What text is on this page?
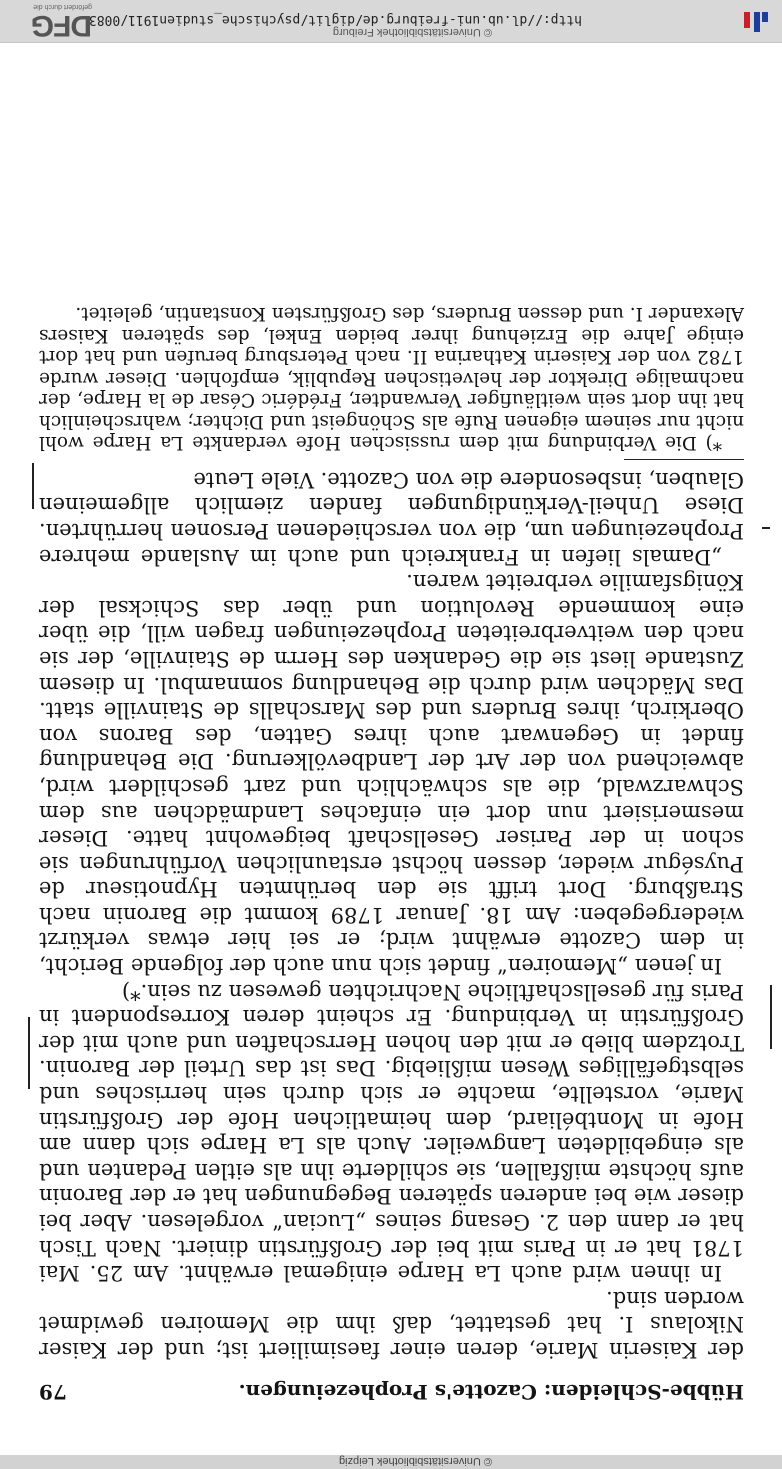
http://dl.ub.uni-freiburg.de/diglit/psychische_studien1911/0083
© Universitätsbibliothek Freiburg
DFG
gefördert durch die
© Universitätsbibliothek Leipzig
Hübbe-Schleiden: Cazotte's Prophezeiungen.
79

der Kaiserin Marie, deren einer faesimiliert ist; und der Kaiser Nikolaus I. hat gestattet, daß ihm die Memoiren gewidmet worden sind.

In ihnen wird auch La Harpe einigemal erwähnt. Am 25. Mai 1781 hat er in Paris mit bei der Großfürstin diniert. Nach Tisch hat er dann den 2. Gesang seines „Lucian“ vorgelesen. Aber bei dieser wie bei anderen späteren Begegnungen hat er der Baronin aufs höchste mißfallen, sie schilderte ihn als eitlen Pedanten und als eingebildeten Langweiler. Auch als La Harpe sich dann am Hofe in Montbéliard, dem heimatlichen Hofe der Großfürstin Marie, vorstellte, machte er sich durch sein herrisches und selbstgefälliges Wesen mißliebig. Das ist das Urteil der Baronin. Trotzdem blieb er mit den hohen Herrschaften und auch mit der Großfürstin in Verbindung. Er scheint deren Korrespondent in Paris für gesellschaftliche Nachrichten gewesen zu sein.*)

In jenen „Memoiren“ findet sich nun auch der folgende Bericht, in dem Cazotte erwähnt wird; er sei hier etwas verkürzt wiedergegeben: Am 18. Januar 1789 kommt die Baronin nach Straßburg. Dort trifft sie den berühmten Hypnotiseur de Puységur wieder, dessen höchst erstaunlichen Vorführungen sie schon in der Pariser Gesellschaft beigewohnt hatte. Dieser mesmerisiert nun dort ein einfaches Landmädchen aus dem Schwarzwald, die als schwächlich und zart geschildert wird, abweichend von der Art der Landbevölkerung. Die Behandlung findet in Gegenwart auch ihres Gatten, des Barons von Oberkirch, ihres Bruders und des Marschalls de Stainville statt. Das Mädchen wird durch die Behandlung somnambul. In diesem Zustande liest sie die Gedanken des Herrn de Stainville, der sie nach den weitverbreiteten Prophezeiungen fragen will, die über eine kommende Revolution und über das Schicksal der Königsfamilie verbreitet waren.

„Damals liefen in Frankreich und auch im Auslande mehrere Prophezeiungen um, die von verschiedenen Personen herrührten. Diese Unheil-Verkündigungen fanden ziemlich allgemeinen Glauben, insbesondere die von Cazotte. Viele Leute

*) Die Verbindung mit dem russischen Hofe verdankte La Harpe wohl nicht nur seinem eigenen Rufe als Schöngeist und Dichter; wahrscheinlich hat ihn dort sein weitläufiger Verwandter, Frédéric César de la Harpe, der nachmalige Direktor der helvetischen Republik, empfohlen. Dieser wurde 1782 von der Kaiserin Katharina II. nach Petersburg berufen und hat dort einige Jahre die Erziehung ihrer beiden Enkel, des späteren Kaisers Alexander I. und dessen Bruders, des Großfürsten Konstantin, geleitet.
